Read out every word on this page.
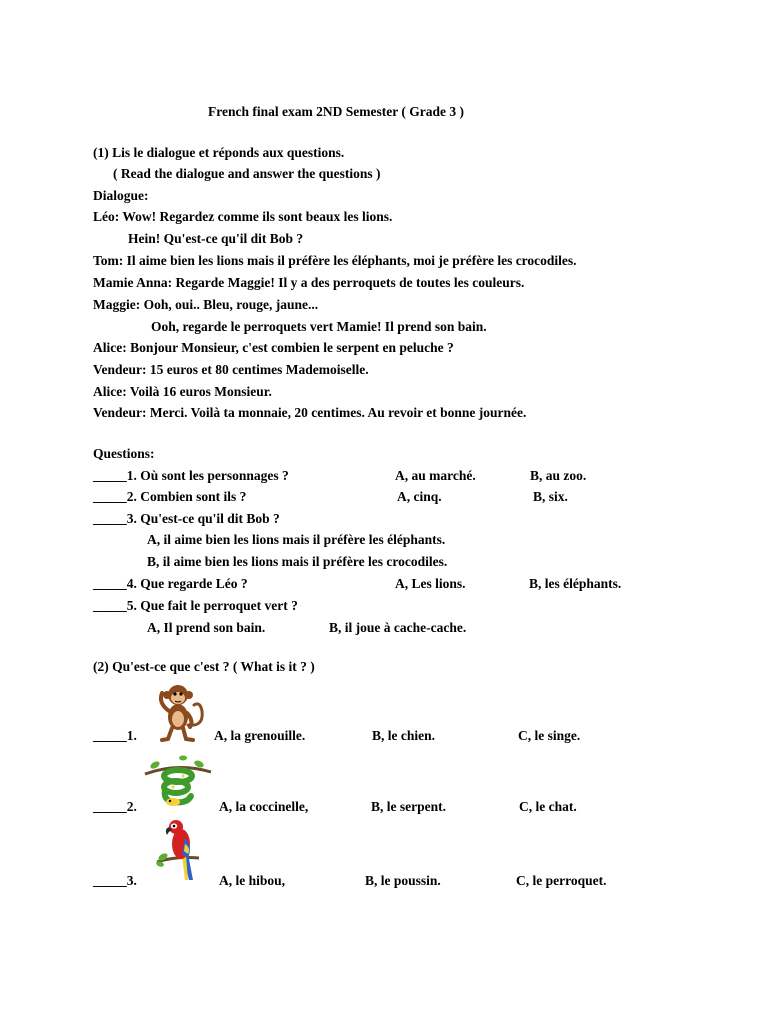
French final exam 2ND Semester ( Grade 3 )
(1) Lis le dialogue et réponds aux questions.
( Read the dialogue and answer the questions )
Dialogue:
Léo: Wow! Regardez comme ils sont beaux les lions.
Hein! Qu'est-ce qu'il dit Bob ?
Tom: Il aime bien les lions mais il préfère les éléphants, moi je préfère les crocodiles.
Mamie Anna: Regarde Maggie! Il y a des perroquets de toutes les couleurs.
Maggie: Ooh, oui.. Bleu, rouge, jaune...
Ooh, regarde le perroquets vert Mamie! Il prend son bain.
Alice: Bonjour Monsieur, c'est combien le serpent en peluche ?
Vendeur: 15 euros et 80 centimes Mademoiselle.
Alice: Voilà 16 euros Monsieur.
Vendeur: Merci. Voilà ta monnaie, 20 centimes. Au revoir et bonne journée.
Questions:
_____1. Où sont les personnages ?	A, au marché.	B, au zoo.
_____2. Combien sont ils ?	A, cinq.	B, six.
_____3. Qu'est-ce qu'il dit Bob ?
A, il aime bien les lions mais il préfère les éléphants.
B, il aime bien les lions mais il préfère les crocodiles.
_____4. Que regarde Léo ?	A, Les lions.	B, les éléphants.
_____5. Que fait le perroquet vert ?
A, Il prend son bain.	B, il joue à cache-cache.
(2) Qu'est-ce que c'est ? ( What is it ? )
_____1.	A, la grenouille.	B, le chien.	C, le singe.
_____2.	A, la coccinelle,	B, le serpent.	C, le chat.
_____3.	A, le hibou,	B, le poussin.	C, le perroquet.
